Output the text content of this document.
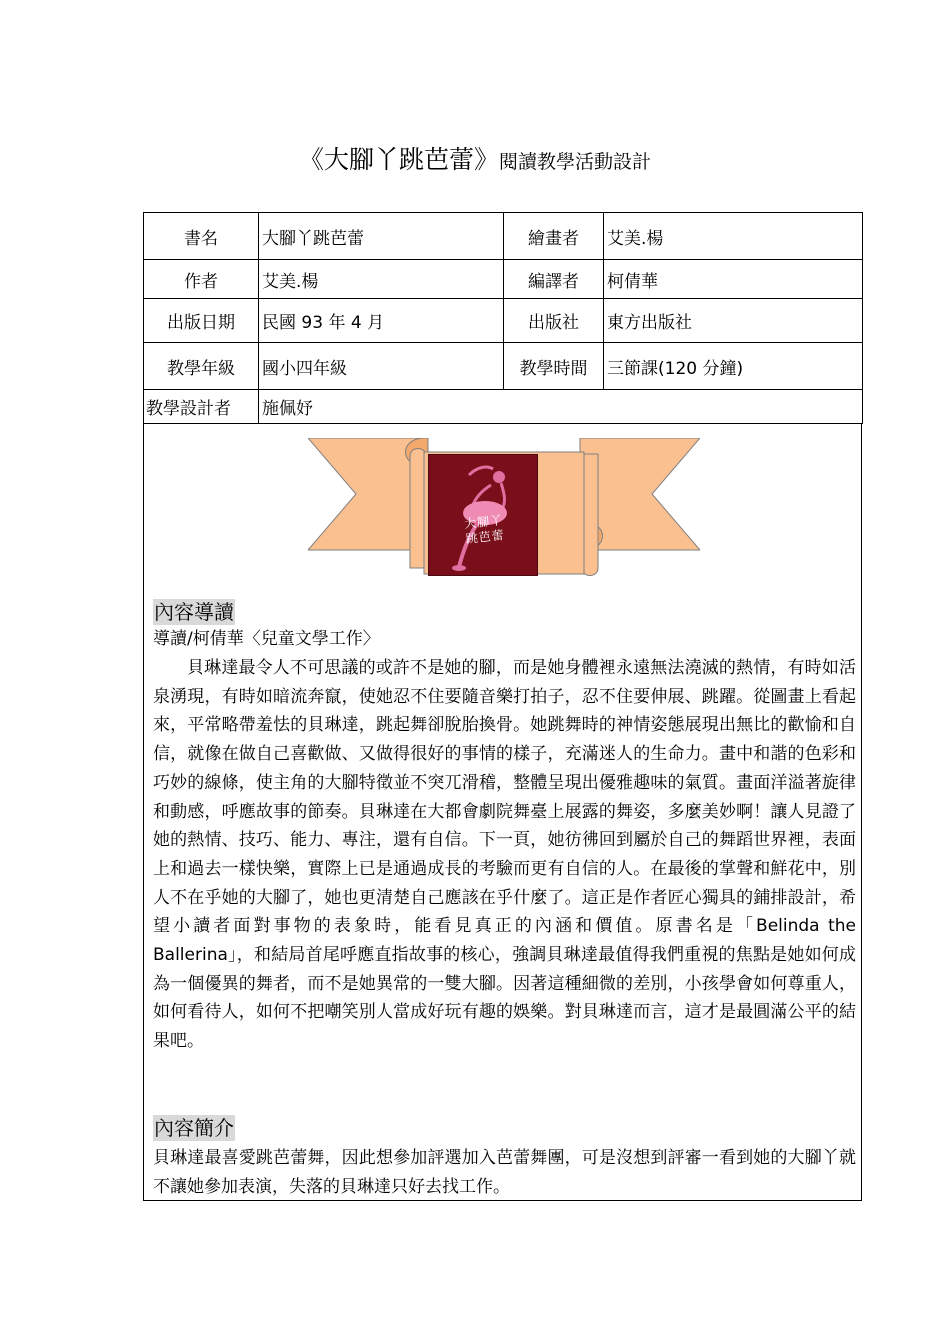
《大腳丫跳芭蕾》閱讀教學活動設計
書名	大腳丫跳芭蕾	繪畫者	艾美.楊
作者	艾美.楊	編譯者	柯倩華
出版日期	民國 93 年 4 月	出版社	東方出版社
教學年級	國小四年級	教學時間	三節課(120 分鐘)
教學設計者	施佩妤		
大腳丫
跳芭蕾
內容導讀
導讀/柯倩華〈兒童文學工作〉

貝琳達最令人不可思議的或許不是她的腳，而是她身體裡永遠無法澆滅的熱情，有時如活泉湧現，有時如暗流奔竄，使她忍不住要隨音樂打拍子，忍不住要伸展、跳躍。從圖畫上看起來，平常略帶羞怯的貝琳達，跳起舞卻脫胎換骨。她跳舞時的神情姿態展現出無比的歡愉和自信，就像在做自己喜歡做、又做得很好的事情的樣子，充滿迷人的生命力。畫中和諧的色彩和巧妙的線條，使主角的大腳特徵並不突兀滑稽，整體呈現出優雅趣味的氣質。畫面洋溢著旋律和動感，呼應故事的節奏。貝琳達在大都會劇院舞臺上展露的舞姿，多麼美妙啊！讓人見證了她的熱情、技巧、能力、專注，還有自信。下一頁，她彷彿回到屬於自己的舞蹈世界裡，表面上和過去一樣快樂，實際上已是通過成長的考驗而更有自信的人。在最後的掌聲和鮮花中，別人不在乎她的大腳了，她也更清楚自己應該在乎什麼了。這正是作者匠心獨具的鋪排設計，希望小讀者面對事物的表象時，能看見真正的內涵和價值。原書名是「Belinda the Ballerina」，和結局首尾呼應直指故事的核心，強調貝琳達最值得我們重視的焦點是她如何成為一個優異的舞者，而不是她異常的一雙大腳。因著這種細微的差別，小孩學會如何尊重人，如何看待人，如何不把嘲笑別人當成好玩有趣的娛樂。對貝琳達而言，這才是最圓滿公平的結果吧。

內容簡介

貝琳達最喜愛跳芭蕾舞，因此想參加評選加入芭蕾舞團，可是沒想到評審一看到她的大腳丫就不讓她參加表演，失落的貝琳達只好去找工作。
